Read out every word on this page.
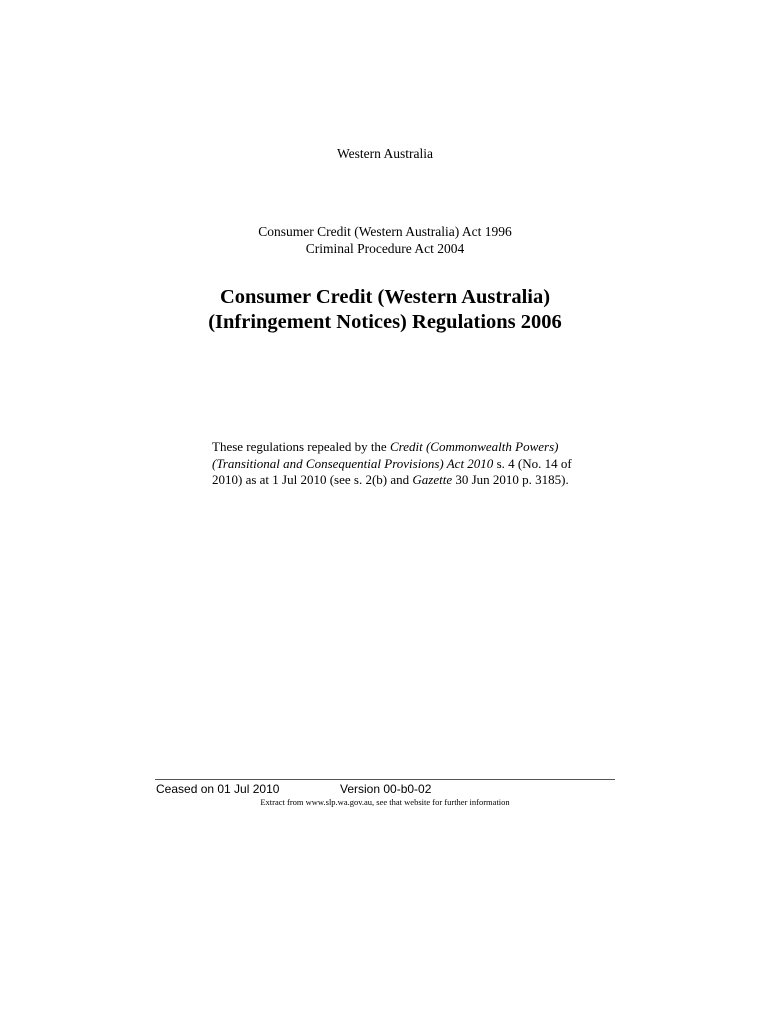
Western Australia
Consumer Credit (Western Australia) Act 1996
Criminal Procedure Act 2004
Consumer Credit (Western Australia)
(Infringement Notices) Regulations 2006
These regulations repealed by the Credit (Commonwealth Powers)
(Transitional and Consequential Provisions) Act 2010 s. 4 (No. 14 of
2010) as at 1 Jul 2010 (see s. 2(b) and Gazette 30 Jun 2010 p. 3185).
Ceased on 01 Jul 2010	Version 00-b0-02
Extract from www.slp.wa.gov.au, see that website for further information
